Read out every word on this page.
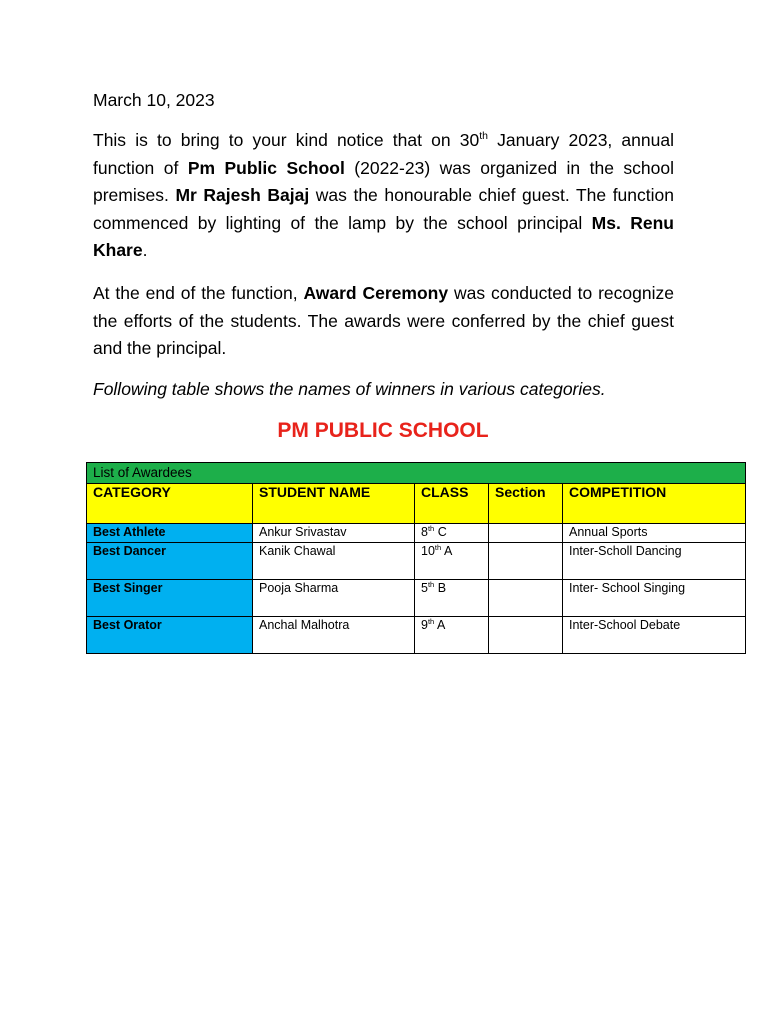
March 10, 2023
This is to bring to your kind notice that on 30th January 2023, annual function of Pm Public School (2022-23) was organized in the school premises. Mr Rajesh Bajaj was the honourable chief guest. The function commenced by lighting of the lamp by the school principal Ms. Renu Khare.
At the end of the function, Award Ceremony was conducted to recognize the efforts of the students. The awards were conferred by the chief guest and the principal.
Following table shows the names of winners in various categories.
PM PUBLIC SCHOOL
List of Awardees				
CATEGORY	STUDENT NAME	CLASS	Section	COMPETITION
Best Athlete	Ankur Srivastav	8th C		Annual Sports
Best Dancer	Kanik Chawal	10th A		Inter-Scholl Dancing
Best Singer	Pooja Sharma	5th B		Inter- School Singing
Best Orator	Anchal Malhotra	9th A		Inter-School Debate
